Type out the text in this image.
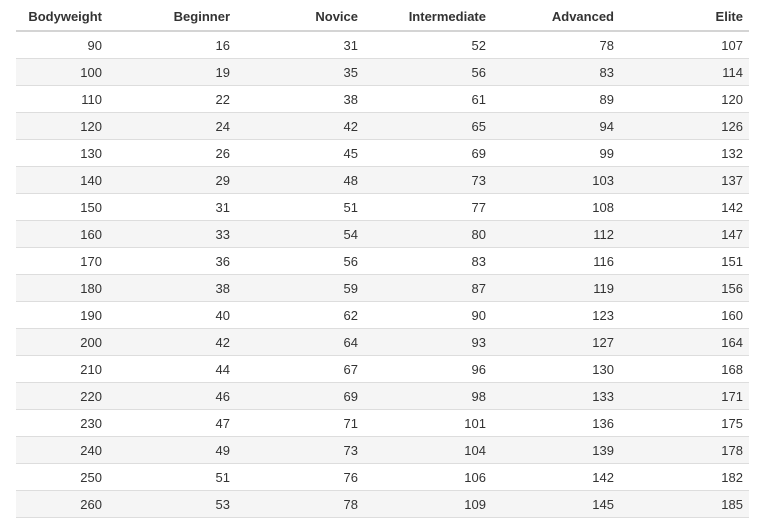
Bodyweight	Beginner	Novice	Intermediate	Advanced	Elite
90	16	31	52	78	107
100	19	35	56	83	114
110	22	38	61	89	120
120	24	42	65	94	126
130	26	45	69	99	132
140	29	48	73	103	137
150	31	51	77	108	142
160	33	54	80	112	147
170	36	56	83	116	151
180	38	59	87	119	156
190	40	62	90	123	160
200	42	64	93	127	164
210	44	67	96	130	168
220	46	69	98	133	171
230	47	71	101	136	175
240	49	73	104	139	178
250	51	76	106	142	182
260	53	78	109	145	185
